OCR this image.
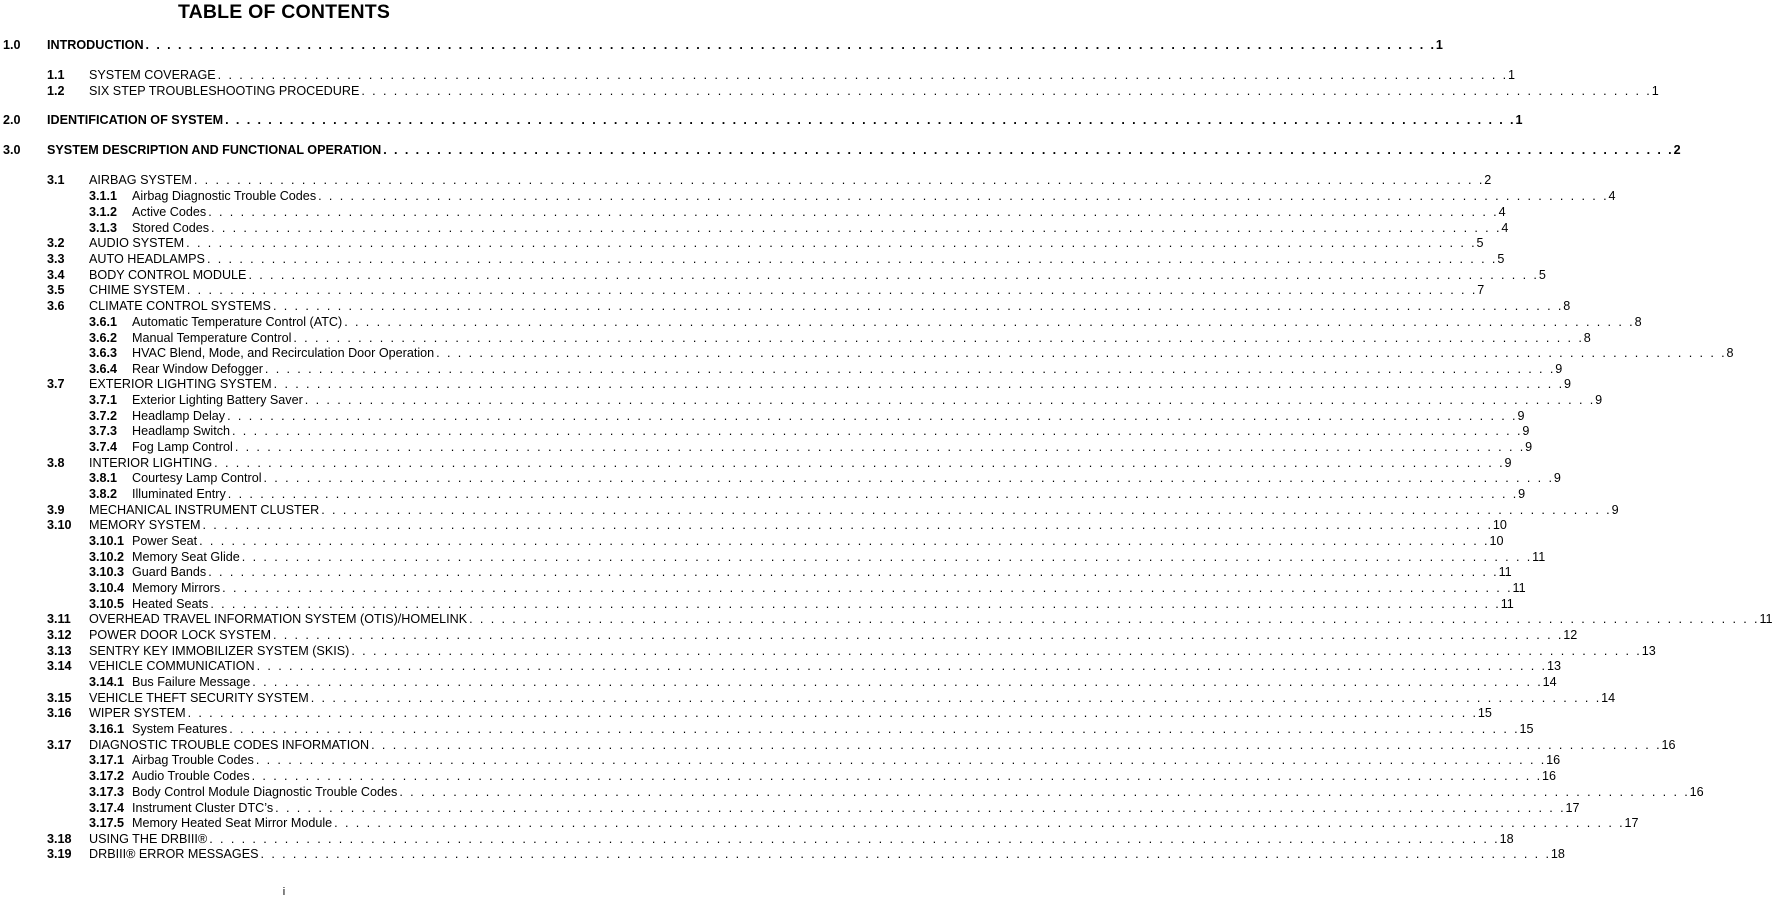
TABLE OF CONTENTS
1.0	INTRODUCTION . . . . . . . . . . . . . . . . . . . . . . . . . . . . . . . . . . . . . . . . . . . . . . . . . . . . . . . . . . . . . . . . . . . . . . . . . . . . . . . . . . . . . . . . . . . . . . . . . . . . . . . . . . . . . . . . . . . . . . . . 1
1.1	SYSTEM COVERAGE . . . . . . . . . . . . . . . . . . . . . . . . . . . . . . . . . . . . . . . . . . . . . . . . . . . . . . . . . . . . . . . . . . . . . . . . . . . . . . . . . . . . . . . . . . . . . . . . . . . . . . . . . . . . . . . . . . . . . . . . 1
1.2	SIX STEP TROUBLESHOOTING PROCEDURE . . . . . . . . . . . . . . . . . . . . . . . . . . . . . . . . . . . . . . . . . . . . . . . . . . . . . . . . . . . . . . . . . . . . . . . . . . . . . . . . . . . . . . . . . . . . . . . . . . . . . . . . . . . . . . . . . . . . . . . . 1
2.0	IDENTIFICATION OF SYSTEM . . . . . . . . . . . . . . . . . . . . . . . . . . . . . . . . . . . . . . . . . . . . . . . . . . . . . . . . . . . . . . . . . . . . . . . . . . . . . . . . . . . . . . . . . . . . . . . . . . . . . . . . . . . . . . . . . . . . . . . . 1
3.0	SYSTEM DESCRIPTION AND FUNCTIONAL OPERATION . . . . . . . . . . . . . . . . . . . . . . . . . . . . . . . . . . . . . . . . . . . . . . . . . . . . . . . . . . . . . . . . . . . . . . . . . . . . . . . . . . . . . . . . . . . . . . . . . . . . . . . . . . . . . . . . . . . . . . . . 2
3.1	AIRBAG SYSTEM . . . . . . . . . . . . . . . . . . . . . . . . . . . . . . . . . . . . . . . . . . . . . . . . . . . . . . . . . . . . . . . . . . . . . . . . . . . . . . . . . . . . . . . . . . . . . . . . . . . . . . . . . . . . . . . . . . . . . . . . 2
3.1.1	Airbag Diagnostic Trouble Codes . . . . . . . . . . . . . . . . . . . . . . . . . . . . . . . . . . . . . . . . . . . . . . . . . . . . . . . . . . . . . . . . . . . . . . . . . . . . . . . . . . . . . . . . . . . . . . . . . . . . . . . . . . . . . . . . . . . . . . . . 4
3.1.2	Active Codes . . . . . . . . . . . . . . . . . . . . . . . . . . . . . . . . . . . . . . . . . . . . . . . . . . . . . . . . . . . . . . . . . . . . . . . . . . . . . . . . . . . . . . . . . . . . . . . . . . . . . . . . . . . . . . . . . . . . . . . . 4
3.1.3	Stored Codes . . . . . . . . . . . . . . . . . . . . . . . . . . . . . . . . . . . . . . . . . . . . . . . . . . . . . . . . . . . . . . . . . . . . . . . . . . . . . . . . . . . . . . . . . . . . . . . . . . . . . . . . . . . . . . . . . . . . . . . . 4
3.2	AUDIO SYSTEM . . . . . . . . . . . . . . . . . . . . . . . . . . . . . . . . . . . . . . . . . . . . . . . . . . . . . . . . . . . . . . . . . . . . . . . . . . . . . . . . . . . . . . . . . . . . . . . . . . . . . . . . . . . . . . . . . . . . . . . . 5
3.3	AUTO HEADLAMPS . . . . . . . . . . . . . . . . . . . . . . . . . . . . . . . . . . . . . . . . . . . . . . . . . . . . . . . . . . . . . . . . . . . . . . . . . . . . . . . . . . . . . . . . . . . . . . . . . . . . . . . . . . . . . . . . . . . . . . . . 5
3.4	BODY CONTROL MODULE . . . . . . . . . . . . . . . . . . . . . . . . . . . . . . . . . . . . . . . . . . . . . . . . . . . . . . . . . . . . . . . . . . . . . . . . . . . . . . . . . . . . . . . . . . . . . . . . . . . . . . . . . . . . . . . . . . . . . . . . 5
3.5	CHIME SYSTEM . . . . . . . . . . . . . . . . . . . . . . . . . . . . . . . . . . . . . . . . . . . . . . . . . . . . . . . . . . . . . . . . . . . . . . . . . . . . . . . . . . . . . . . . . . . . . . . . . . . . . . . . . . . . . . . . . . . . . . . . 7
3.6	CLIMATE CONTROL SYSTEMS . . . . . . . . . . . . . . . . . . . . . . . . . . . . . . . . . . . . . . . . . . . . . . . . . . . . . . . . . . . . . . . . . . . . . . . . . . . . . . . . . . . . . . . . . . . . . . . . . . . . . . . . . . . . . . . . . . . . . . . . 8
3.6.1	Automatic Temperature Control (ATC) . . . . . . . . . . . . . . . . . . . . . . . . . . . . . . . . . . . . . . . . . . . . . . . . . . . . . . . . . . . . . . . . . . . . . . . . . . . . . . . . . . . . . . . . . . . . . . . . . . . . . . . . . . . . . . . . . . . . . . . . 8
3.6.2	Manual Temperature Control . . . . . . . . . . . . . . . . . . . . . . . . . . . . . . . . . . . . . . . . . . . . . . . . . . . . . . . . . . . . . . . . . . . . . . . . . . . . . . . . . . . . . . . . . . . . . . . . . . . . . . . . . . . . . . . . . . . . . . . . 8
3.6.3	HVAC Blend, Mode, and Recirculation Door Operation . . . . . . . . . . . . . . . . . . . . . . . . . . . . . . . . . . . . . . . . . . . . . . . . . . . . . . . . . . . . . . . . . . . . . . . . . . . . . . . . . . . . . . . . . . . . . . . . . . . . . . . . . . . . . . . . . . . . . . . . 8
3.6.4	Rear Window Defogger . . . . . . . . . . . . . . . . . . . . . . . . . . . . . . . . . . . . . . . . . . . . . . . . . . . . . . . . . . . . . . . . . . . . . . . . . . . . . . . . . . . . . . . . . . . . . . . . . . . . . . . . . . . . . . . . . . . . . . . . 9
3.7	EXTERIOR LIGHTING SYSTEM . . . . . . . . . . . . . . . . . . . . . . . . . . . . . . . . . . . . . . . . . . . . . . . . . . . . . . . . . . . . . . . . . . . . . . . . . . . . . . . . . . . . . . . . . . . . . . . . . . . . . . . . . . . . . . . . . . . . . . . . 9
3.7.1	Exterior Lighting Battery Saver . . . . . . . . . . . . . . . . . . . . . . . . . . . . . . . . . . . . . . . . . . . . . . . . . . . . . . . . . . . . . . . . . . . . . . . . . . . . . . . . . . . . . . . . . . . . . . . . . . . . . . . . . . . . . . . . . . . . . . . . 9
3.7.2	Headlamp Delay . . . . . . . . . . . . . . . . . . . . . . . . . . . . . . . . . . . . . . . . . . . . . . . . . . . . . . . . . . . . . . . . . . . . . . . . . . . . . . . . . . . . . . . . . . . . . . . . . . . . . . . . . . . . . . . . . . . . . . . . 9
3.7.3	Headlamp Switch . . . . . . . . . . . . . . . . . . . . . . . . . . . . . . . . . . . . . . . . . . . . . . . . . . . . . . . . . . . . . . . . . . . . . . . . . . . . . . . . . . . . . . . . . . . . . . . . . . . . . . . . . . . . . . . . . . . . . . . . 9
3.7.4	Fog Lamp Control . . . . . . . . . . . . . . . . . . . . . . . . . . . . . . . . . . . . . . . . . . . . . . . . . . . . . . . . . . . . . . . . . . . . . . . . . . . . . . . . . . . . . . . . . . . . . . . . . . . . . . . . . . . . . . . . . . . . . . . . 9
3.8	INTERIOR LIGHTING . . . . . . . . . . . . . . . . . . . . . . . . . . . . . . . . . . . . . . . . . . . . . . . . . . . . . . . . . . . . . . . . . . . . . . . . . . . . . . . . . . . . . . . . . . . . . . . . . . . . . . . . . . . . . . . . . . . . . . . . 9
3.8.1	Courtesy Lamp Control . . . . . . . . . . . . . . . . . . . . . . . . . . . . . . . . . . . . . . . . . . . . . . . . . . . . . . . . . . . . . . . . . . . . . . . . . . . . . . . . . . . . . . . . . . . . . . . . . . . . . . . . . . . . . . . . . . . . . . . . 9
3.8.2	Illuminated Entry . . . . . . . . . . . . . . . . . . . . . . . . . . . . . . . . . . . . . . . . . . . . . . . . . . . . . . . . . . . . . . . . . . . . . . . . . . . . . . . . . . . . . . . . . . . . . . . . . . . . . . . . . . . . . . . . . . . . . . . . 9
3.9	MECHANICAL INSTRUMENT CLUSTER . . . . . . . . . . . . . . . . . . . . . . . . . . . . . . . . . . . . . . . . . . . . . . . . . . . . . . . . . . . . . . . . . . . . . . . . . . . . . . . . . . . . . . . . . . . . . . . . . . . . . . . . . . . . . . . . . . . . . . . . 9
3.10	MEMORY SYSTEM . . . . . . . . . . . . . . . . . . . . . . . . . . . . . . . . . . . . . . . . . . . . . . . . . . . . . . . . . . . . . . . . . . . . . . . . . . . . . . . . . . . . . . . . . . . . . . . . . . . . . . . . . . . . . . . . . . . . . . . . 10
3.10.1 Power Seat . . . . . . . . . . . . . . . . . . . . . . . . . . . . . . . . . . . . . . . . . . . . . . . . . . . . . . . . . . . . . . . . . . . . . . . . . . . . . . . . . . . . . . . . . . . . . . . . . . . . . . . . . . . . . . . . . . . . . . . . 10
3.10.2 Memory Seat Glide . . . . . . . . . . . . . . . . . . . . . . . . . . . . . . . . . . . . . . . . . . . . . . . . . . . . . . . . . . . . . . . . . . . . . . . . . . . . . . . . . . . . . . . . . . . . . . . . . . . . . . . . . . . . . . . . . . . . . . . . 11
3.10.3 Guard Bands . . . . . . . . . . . . . . . . . . . . . . . . . . . . . . . . . . . . . . . . . . . . . . . . . . . . . . . . . . . . . . . . . . . . . . . . . . . . . . . . . . . . . . . . . . . . . . . . . . . . . . . . . . . . . . . . . . . . . . . . 11
3.10.4 Memory Mirrors . . . . . . . . . . . . . . . . . . . . . . . . . . . . . . . . . . . . . . . . . . . . . . . . . . . . . . . . . . . . . . . . . . . . . . . . . . . . . . . . . . . . . . . . . . . . . . . . . . . . . . . . . . . . . . . . . . . . . . . . 11
3.10.5 Heated Seats . . . . . . . . . . . . . . . . . . . . . . . . . . . . . . . . . . . . . . . . . . . . . . . . . . . . . . . . . . . . . . . . . . . . . . . . . . . . . . . . . . . . . . . . . . . . . . . . . . . . . . . . . . . . . . . . . . . . . . . . 11
3.11	OVERHEAD TRAVEL INFORMATION SYSTEM (OTIS)/HOMELINK . . . . . . . . . . . . . . . . . . . . . . . . . . . . . . . . . . . . . . . . . . . . . . . . . . . . . . . . . . . . . . . . . . . . . . . . . . . . . . . . . . . . . . . . . . . . . . . . . . . . . . . . . . . . . . . . . . . . . . . . 11
3.12	POWER DOOR LOCK SYSTEM . . . . . . . . . . . . . . . . . . . . . . . . . . . . . . . . . . . . . . . . . . . . . . . . . . . . . . . . . . . . . . . . . . . . . . . . . . . . . . . . . . . . . . . . . . . . . . . . . . . . . . . . . . . . . . . . . . . . . . . . 12
3.13	SENTRY KEY IMMOBILIZER SYSTEM (SKIS) . . . . . . . . . . . . . . . . . . . . . . . . . . . . . . . . . . . . . . . . . . . . . . . . . . . . . . . . . . . . . . . . . . . . . . . . . . . . . . . . . . . . . . . . . . . . . . . . . . . . . . . . . . . . . . . . . . . . . . . . 13
3.14	VEHICLE COMMUNICATION . . . . . . . . . . . . . . . . . . . . . . . . . . . . . . . . . . . . . . . . . . . . . . . . . . . . . . . . . . . . . . . . . . . . . . . . . . . . . . . . . . . . . . . . . . . . . . . . . . . . . . . . . . . . . . . . . . . . . . . . 13
3.14.1 Bus Failure Message . . . . . . . . . . . . . . . . . . . . . . . . . . . . . . . . . . . . . . . . . . . . . . . . . . . . . . . . . . . . . . . . . . . . . . . . . . . . . . . . . . . . . . . . . . . . . . . . . . . . . . . . . . . . . . . . . . . . . . . . 14
3.15	VEHICLE THEFT SECURITY SYSTEM . . . . . . . . . . . . . . . . . . . . . . . . . . . . . . . . . . . . . . . . . . . . . . . . . . . . . . . . . . . . . . . . . . . . . . . . . . . . . . . . . . . . . . . . . . . . . . . . . . . . . . . . . . . . . . . . . . . . . . . . 14
3.16	WIPER SYSTEM . . . . . . . . . . . . . . . . . . . . . . . . . . . . . . . . . . . . . . . . . . . . . . . . . . . . . . . . . . . . . . . . . . . . . . . . . . . . . . . . . . . . . . . . . . . . . . . . . . . . . . . . . . . . . . . . . . . . . . . . 15
3.16.1 System Features . . . . . . . . . . . . . . . . . . . . . . . . . . . . . . . . . . . . . . . . . . . . . . . . . . . . . . . . . . . . . . . . . . . . . . . . . . . . . . . . . . . . . . . . . . . . . . . . . . . . . . . . . . . . . . . . . . . . . . . . 15
3.17	DIAGNOSTIC TROUBLE CODES INFORMATION . . . . . . . . . . . . . . . . . . . . . . . . . . . . . . . . . . . . . . . . . . . . . . . . . . . . . . . . . . . . . . . . . . . . . . . . . . . . . . . . . . . . . . . . . . . . . . . . . . . . . . . . . . . . . . . . . . . . . . . . 16
3.17.1 Airbag Trouble Codes . . . . . . . . . . . . . . . . . . . . . . . . . . . . . . . . . . . . . . . . . . . . . . . . . . . . . . . . . . . . . . . . . . . . . . . . . . . . . . . . . . . . . . . . . . . . . . . . . . . . . . . . . . . . . . . . . . . . . . . . 16
3.17.2 Audio Trouble Codes . . . . . . . . . . . . . . . . . . . . . . . . . . . . . . . . . . . . . . . . . . . . . . . . . . . . . . . . . . . . . . . . . . . . . . . . . . . . . . . . . . . . . . . . . . . . . . . . . . . . . . . . . . . . . . . . . . . . . . . . 16
3.17.3 Body Control Module Diagnostic Trouble Codes . . . . . . . . . . . . . . . . . . . . . . . . . . . . . . . . . . . . . . . . . . . . . . . . . . . . . . . . . . . . . . . . . . . . . . . . . . . . . . . . . . . . . . . . . . . . . . . . . . . . . . . . . . . . . . . . . . . . . . . . 16
3.17.4 Instrument Cluster DTC’s . . . . . . . . . . . . . . . . . . . . . . . . . . . . . . . . . . . . . . . . . . . . . . . . . . . . . . . . . . . . . . . . . . . . . . . . . . . . . . . . . . . . . . . . . . . . . . . . . . . . . . . . . . . . . . . . . . . . . . . . 17
3.17.5 Memory Heated Seat Mirror Module . . . . . . . . . . . . . . . . . . . . . . . . . . . . . . . . . . . . . . . . . . . . . . . . . . . . . . . . . . . . . . . . . . . . . . . . . . . . . . . . . . . . . . . . . . . . . . . . . . . . . . . . . . . . . . . . . . . . . . . . 17
3.18	USING THE DRBIII® . . . . . . . . . . . . . . . . . . . . . . . . . . . . . . . . . . . . . . . . . . . . . . . . . . . . . . . . . . . . . . . . . . . . . . . . . . . . . . . . . . . . . . . . . . . . . . . . . . . . . . . . . . . . . . . . . . . . . . . . 18
3.19	DRBIII® ERROR MESSAGES . . . . . . . . . . . . . . . . . . . . . . . . . . . . . . . . . . . . . . . . . . . . . . . . . . . . . . . . . . . . . . . . . . . . . . . . . . . . . . . . . . . . . . . . . . . . . . . . . . . . . . . . . . . . . . . . . . . . . . . . 18
i
